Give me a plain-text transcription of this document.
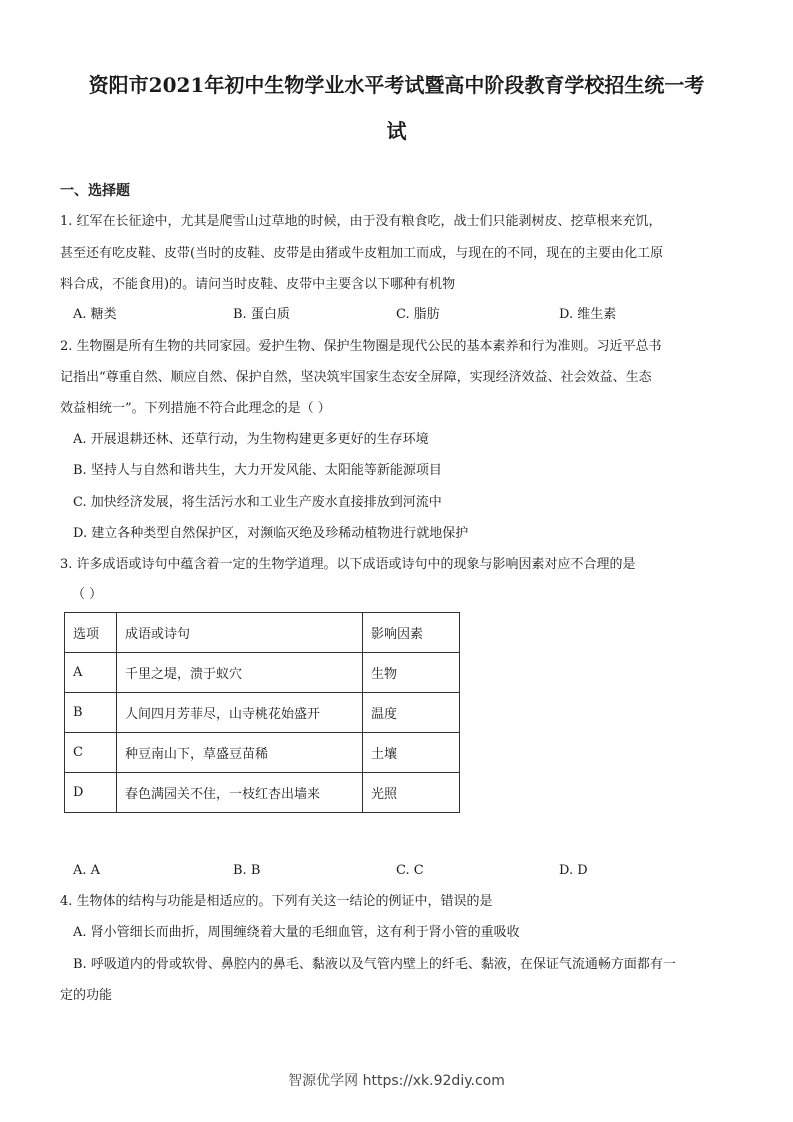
资阳市2021年初中生物学业水平考试暨高中阶段教育学校招生统一考
试
一、选择题

1. 红军在长征途中，尤其是爬雪山过草地的时候，由于没有粮食吃，战士们只能剥树皮、挖草根来充饥，

甚至还有吃皮鞋、皮带(当时的皮鞋、皮带是由猪或牛皮粗加工而成，与现在的不同，现在的主要由化工原

料合成，不能食用)的。请问当时皮鞋、皮带中主要含以下哪种有机物

A. 糖类	B. 蛋白质	C. 脂肪	D. 维生素

2. 生物圈是所有生物的共同家园。爱护生物、保护生物圈是现代公民的基本素养和行为准则。习近平总书

记指出“尊重自然、顺应自然、保护自然，坚决筑牢国家生态安全屏障，实现经济效益、社会效益、生态

效益相统一”。下列措施不符合此理念的是（ ）

A. 开展退耕还林、还草行动，为生物构建更多更好的生存环境

B. 坚持人与自然和谐共生，大力开发风能、太阳能等新能源项目

C. 加快经济发展，将生活污水和工业生产废水直接排放到河流中

D. 建立各种类型自然保护区，对濒临灭绝及珍稀动植物进行就地保护

3. 许多成语或诗句中蕴含着一定的生物学道理。以下成语或诗句中的现象与影响因素对应不合理的是

（ ）

选项	成语或诗句	影响因素
A	千里之堤，溃于蚁穴	生物
B	人间四月芳菲尽，山寺桃花始盛开	温度
C	种豆南山下，草盛豆苗稀	土壤
D	春色满园关不住，一枝红杏出墙来	光照

A. A	B. B	C. C	D. D

4. 生物体的结构与功能是相适应的。下列有关这一结论的例证中，错误的是

A. 肾小管细长而曲折，周围缠绕着大量的毛细血管，这有利于肾小管的重吸收

B. 呼吸道内的骨或软骨、鼻腔内的鼻毛、黏液以及气管内壁上的纤毛、黏液，在保证气流通畅方面都有一

定的功能

智源优学网 https://xk.92diy.com
